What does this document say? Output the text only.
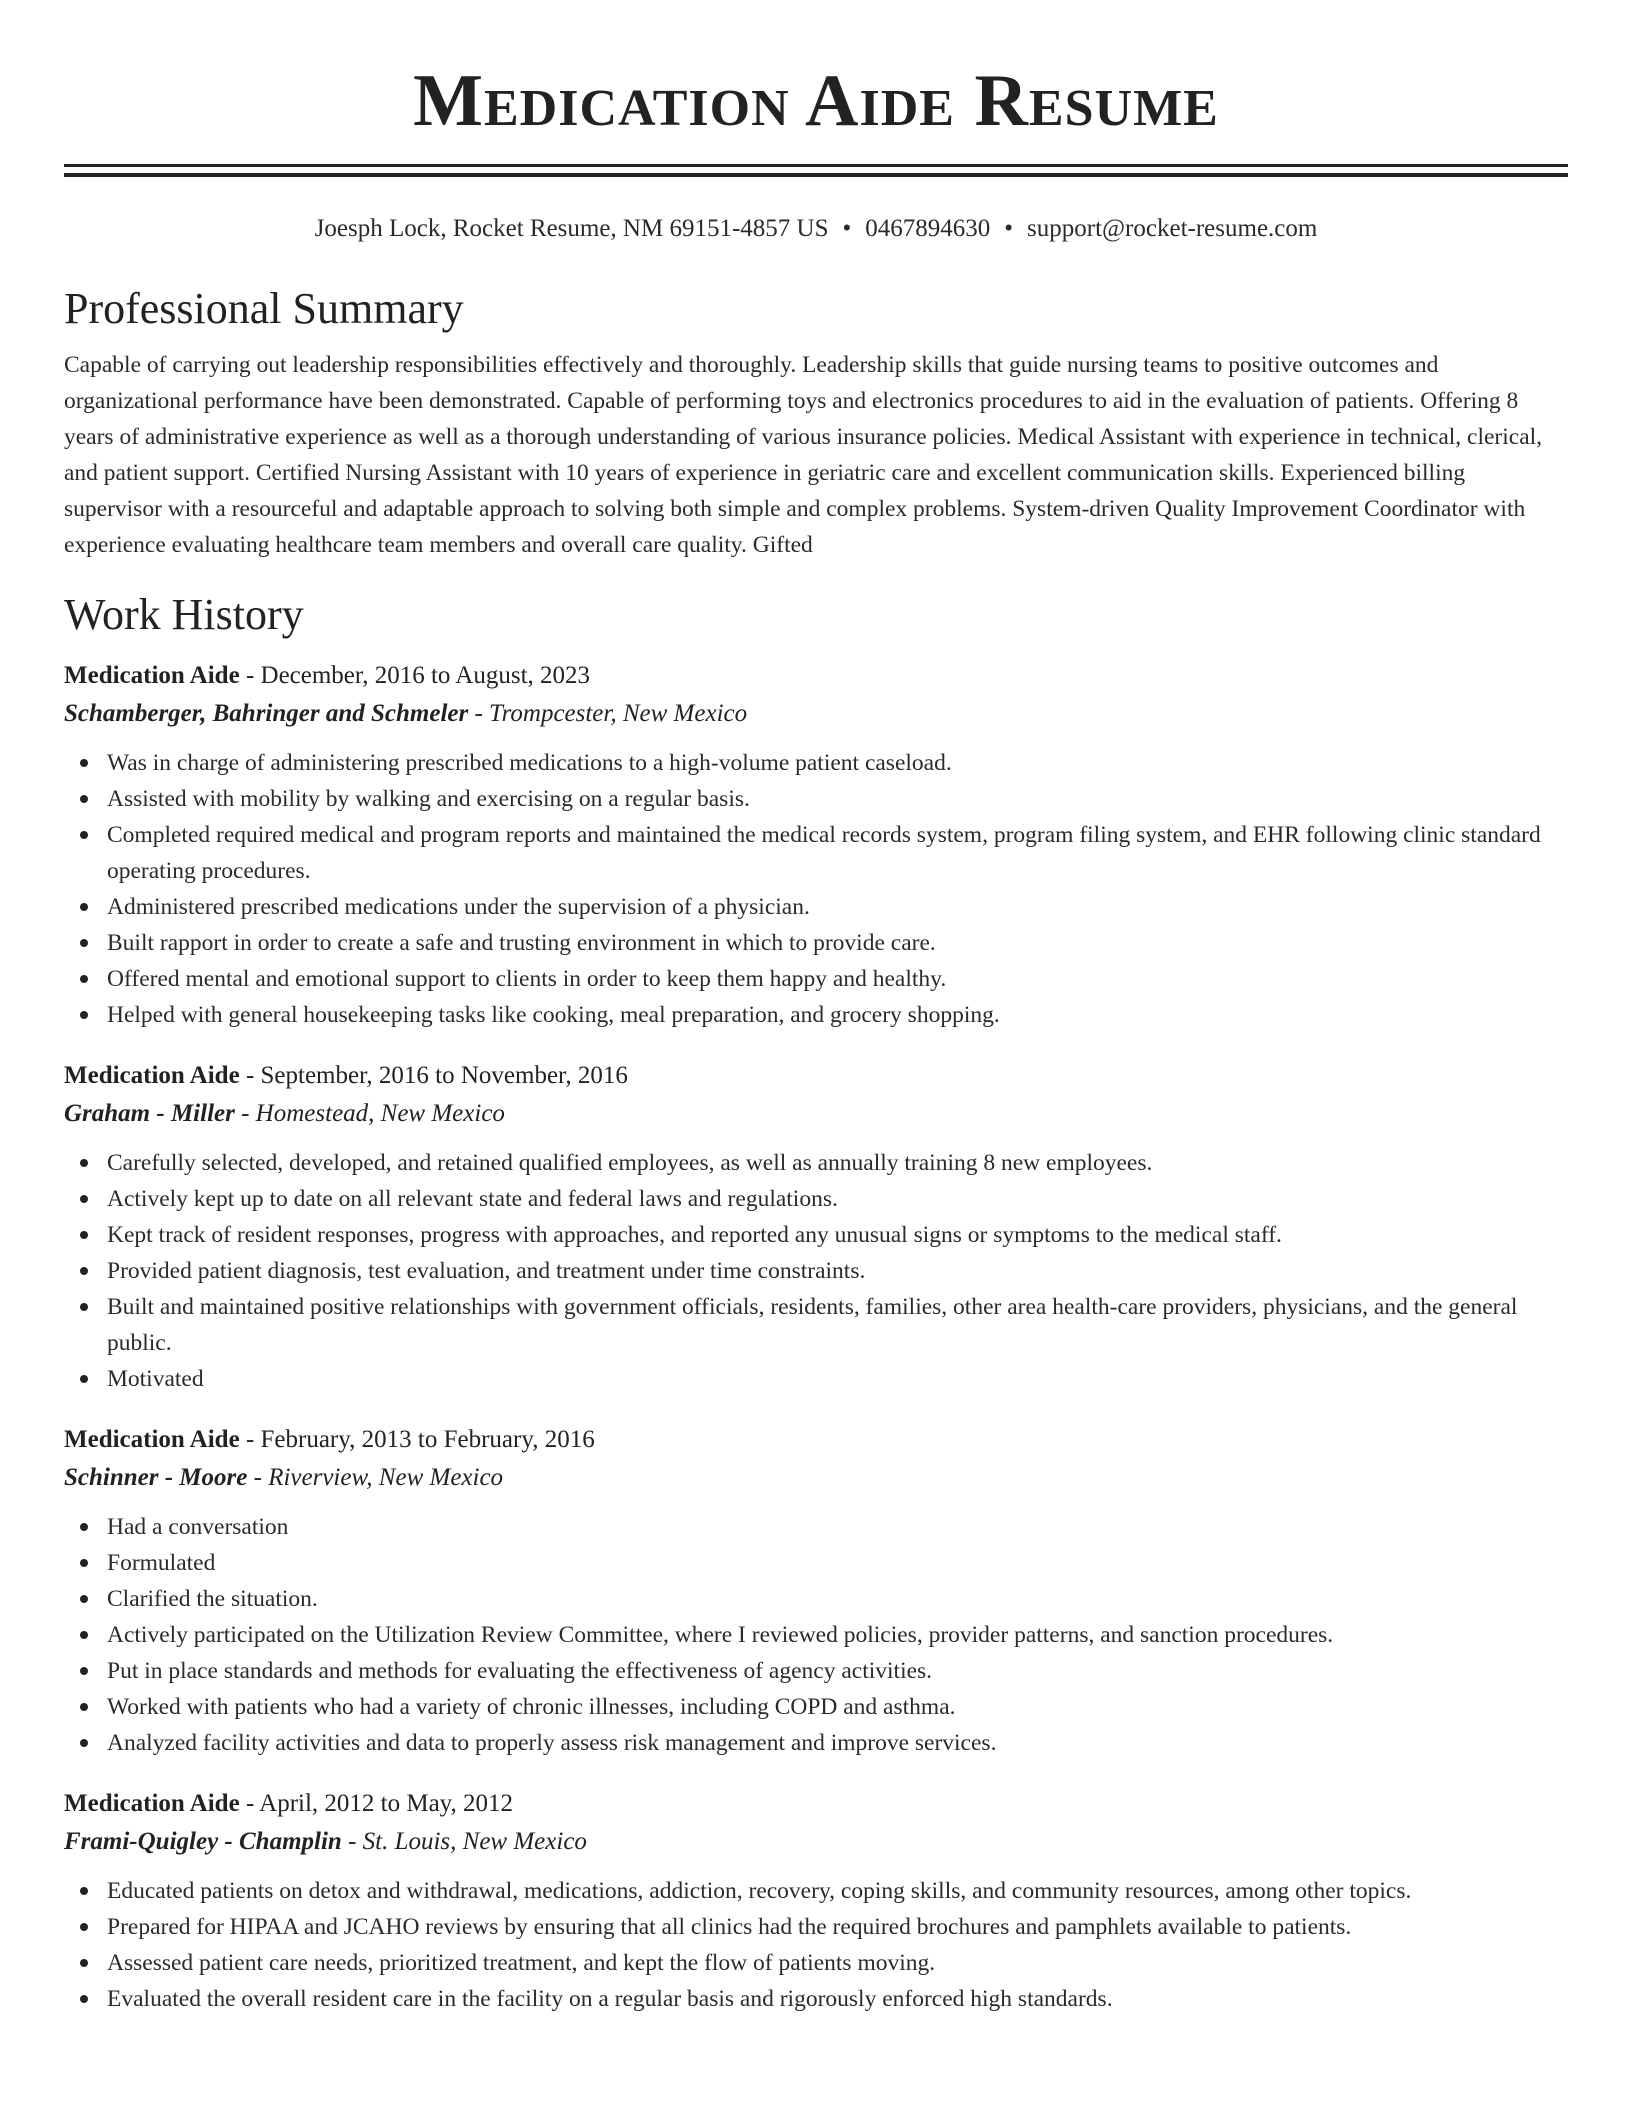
Medication Aide Resume
Joesph Lock, Rocket Resume, NM 69151-4857 US • 0467894630 • support@rocket-resume.com
Professional Summary

Capable of carrying out leadership responsibilities effectively and thoroughly. Leadership skills that guide nursing teams to positive outcomes and organizational performance have been demonstrated. Capable of performing toys and electronics procedures to aid in the evaluation of patients. Offering 8 years of administrative experience as well as a thorough understanding of various insurance policies. Medical Assistant with experience in technical, clerical, and patient support. Certified Nursing Assistant with 10 years of experience in geriatric care and excellent communication skills. Experienced billing supervisor with a resourceful and adaptable approach to solving both simple and complex problems. System-driven Quality Improvement Coordinator with experience evaluating healthcare team members and overall care quality. Gifted

Work History
Medication Aide - December, 2016 to August, 2023
Schamberger, Bahringer and Schmeler - Trompcester, New Mexico
Was in charge of administering prescribed medications to a high-volume patient caseload.
Assisted with mobility by walking and exercising on a regular basis.
Completed required medical and program reports and maintained the medical records system, program filing system, and EHR following clinic standard operating procedures.
Administered prescribed medications under the supervision of a physician.
Built rapport in order to create a safe and trusting environment in which to provide care.
Offered mental and emotional support to clients in order to keep them happy and healthy.
Helped with general housekeeping tasks like cooking, meal preparation, and grocery shopping.
Medication Aide - September, 2016 to November, 2016
Graham - Miller - Homestead, New Mexico
Carefully selected, developed, and retained qualified employees, as well as annually training 8 new employees.
Actively kept up to date on all relevant state and federal laws and regulations.
Kept track of resident responses, progress with approaches, and reported any unusual signs or symptoms to the medical staff.
Provided patient diagnosis, test evaluation, and treatment under time constraints.
Built and maintained positive relationships with government officials, residents, families, other area health-care providers, physicians, and the general public.
Motivated
Medication Aide - February, 2013 to February, 2016
Schinner - Moore - Riverview, New Mexico
Had a conversation
Formulated
Clarified the situation.
Actively participated on the Utilization Review Committee, where I reviewed policies, provider patterns, and sanction procedures.
Put in place standards and methods for evaluating the effectiveness of agency activities.
Worked with patients who had a variety of chronic illnesses, including COPD and asthma.
Analyzed facility activities and data to properly assess risk management and improve services.
Medication Aide - April, 2012 to May, 2012
Frami-Quigley - Champlin - St. Louis, New Mexico
Educated patients on detox and withdrawal, medications, addiction, recovery, coping skills, and community resources, among other topics.
Prepared for HIPAA and JCAHO reviews by ensuring that all clinics had the required brochures and pamphlets available to patients.
Assessed patient care needs, prioritized treatment, and kept the flow of patients moving.
Evaluated the overall resident care in the facility on a regular basis and rigorously enforced high standards.
